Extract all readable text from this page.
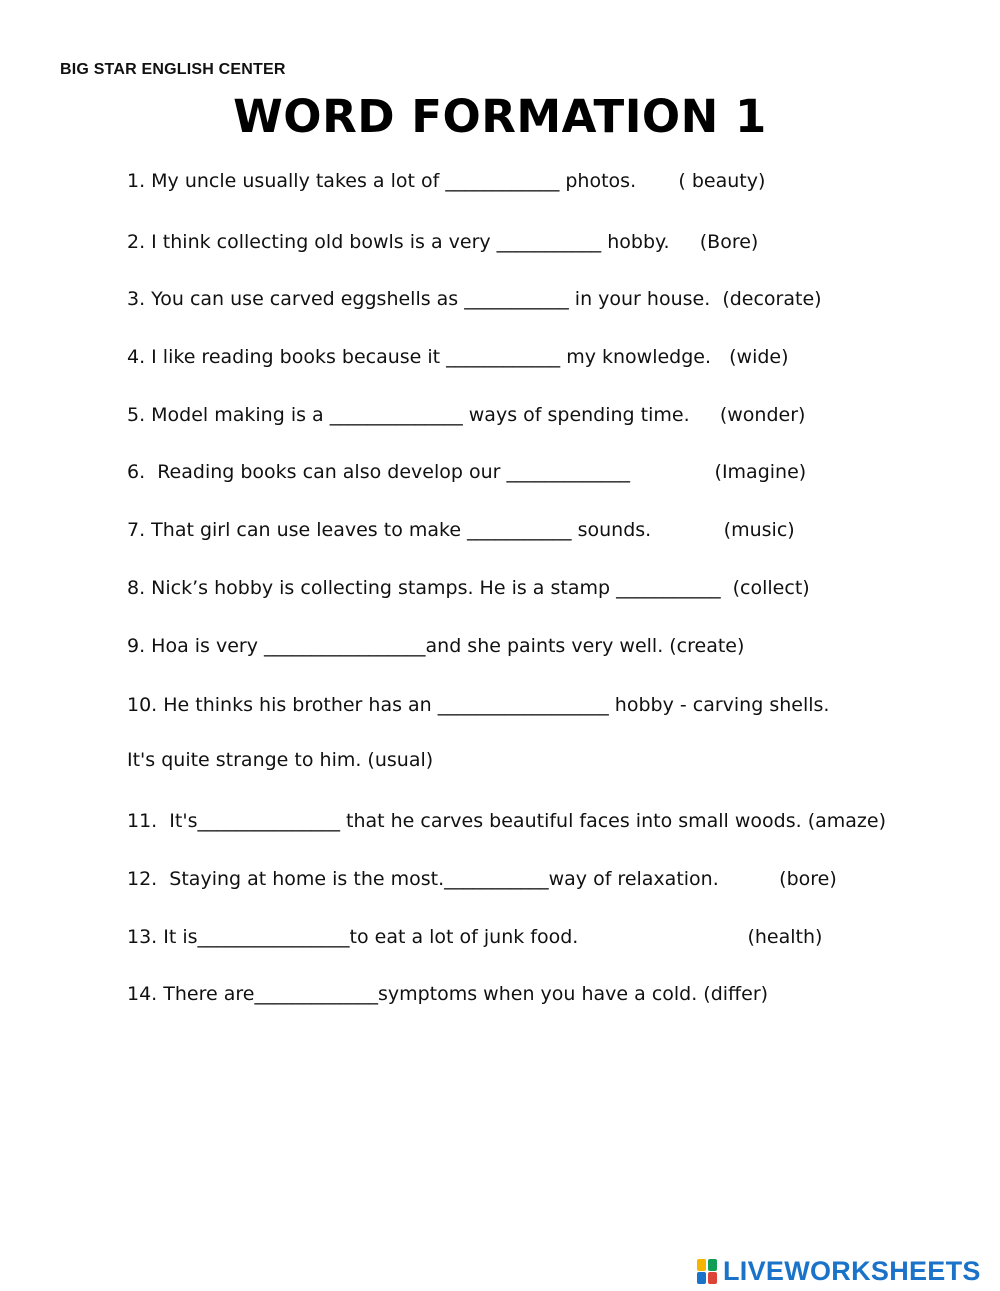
BIG STAR ENGLISH CENTER
WORD FORMATION 1
1. My uncle usually takes a lot of ____________ photos.       ( beauty)
2. I think collecting old bowls is a very ___________ hobby.     (Bore)
3. You can use carved eggshells as ___________ in your house.  (decorate)
4. I like reading books because it ____________ my knowledge.   (wide)
5. Model making is a ______________ ways of spending time.     (wonder)
6.  Reading books can also develop our _____________              (Imagine)
7. That girl can use leaves to make ___________ sounds.            (music)
8. Nick’s hobby is collecting stamps. He is a stamp ___________  (collect)
9. Hoa is very _________________and she paints very well. (create)
10. He thinks his brother has an __________________ hobby - carving shells.
It's quite strange to him. (usual)
11.  It's_______________ that he carves beautiful faces into small woods. (amaze)
12.  Staying at home is the most.___________way of relaxation.          (bore)
13. It is________________to eat a lot of junk food.                            (health)
14. There are_____________symptoms when you have a cold. (differ)
LIVEWORKSHEETS
